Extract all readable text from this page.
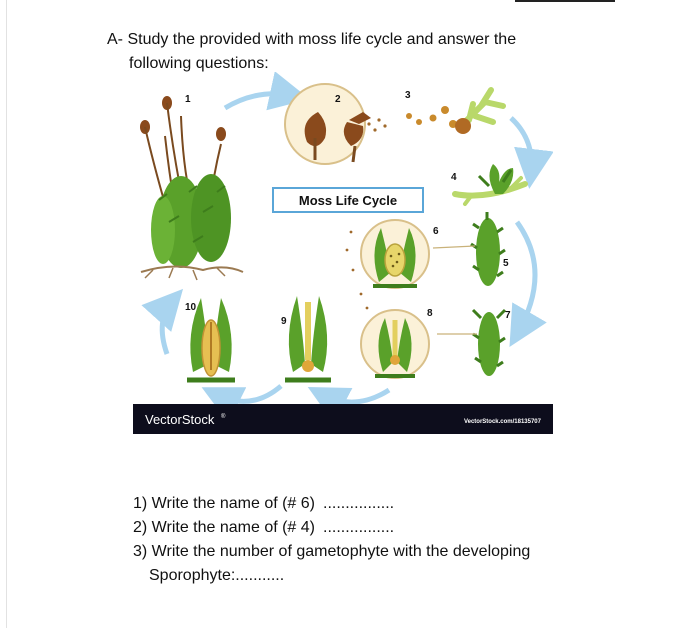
A- Study the provided with moss life cycle and answer the
following questions:
Moss Life Cycle
1	2	3
4
5
6
7
8
9
10
VectorStock ®
VectorStock.com/18135707
1) Write the name of (# 6) ................
2) Write the name of (# 4) ................
3) Write the number of gametophyte with the developing
Sporophyte:...........
